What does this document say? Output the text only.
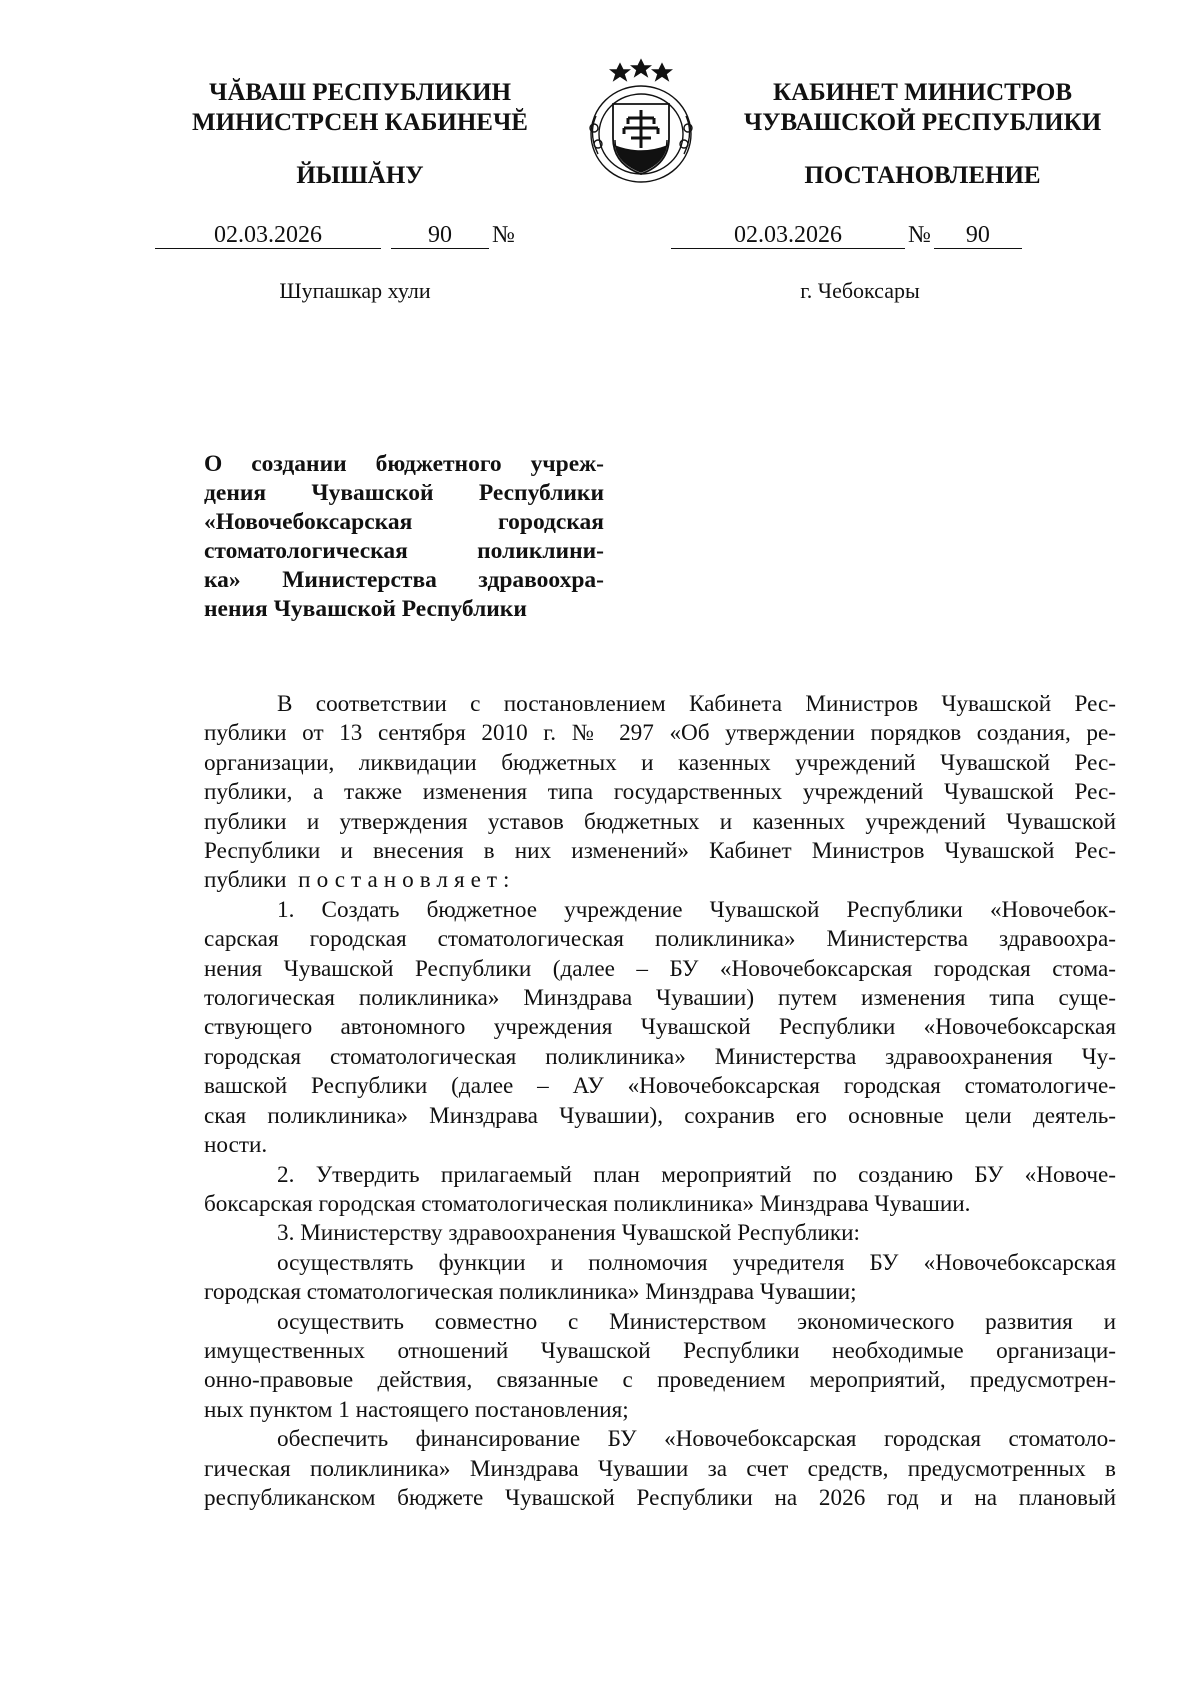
ЧĂВАШ РЕСПУБЛИКИН
МИНИСТРСЕН КАБИНЕЧĔ
ЙЫШĂНУ
КАБИНЕТ МИНИСТРОВ
ЧУВАШСКОЙ РЕСПУБЛИКИ
ПОСТАНОВЛЕНИЕ
02.03.2026	90 №	02.03.2026	№ 90
Шупашкар хули	г. Чебоксары
О создании бюджетного учреж-
дения Чувашской Республики
«Новочебоксарская городская
стоматологическая поликлини-
ка» Министерства здравоохра-
нения Чувашской Республики
В соответствии с постановлением Кабинета Министров Чувашской Рес-
публики от 13 сентября 2010 г. № 297 «Об утверждении порядков создания, ре-
организации, ликвидации бюджетных и казенных учреждений Чувашской Рес-
публики, а также изменения типа государственных учреждений Чувашской Рес-
публики и утверждения уставов бюджетных и казенных учреждений Чувашской
Республики и внесения в них изменений» Кабинет Министров Чувашской Рес-
публики постановляет:
1. Создать бюджетное учреждение Чувашской Республики «Новочебок-
сарская городская стоматологическая поликлиника» Министерства здравоохра-
нения Чувашской Республики (далее – БУ «Новочебоксарская городская стома-
тологическая поликлиника» Минздрава Чувашии) путем изменения типа суще-
ствующего автономного учреждения Чувашской Республики «Новочебоксарская
городская стоматологическая поликлиника» Министерства здравоохранения Чу-
вашской Республики (далее – АУ «Новочебоксарская городская стоматологиче-
ская поликлиника» Минздрава Чувашии), сохранив его основные цели деятель-
ности.
2. Утвердить прилагаемый план мероприятий по созданию БУ «Новоче-
боксарская городская стоматологическая поликлиника» Минздрава Чувашии.
3. Министерству здравоохранения Чувашской Республики:
осуществлять функции и полномочия учредителя БУ «Новочебоксарская
городская стоматологическая поликлиника» Минздрава Чувашии;
осуществить совместно с Министерством экономического развития и
имущественных отношений Чувашской Республики необходимые организаци-
онно-правовые действия, связанные с проведением мероприятий, предусмотрен-
ных пунктом 1 настоящего постановления;
обеспечить финансирование БУ «Новочебоксарская городская стоматоло-
гическая поликлиника» Минздрава Чувашии за счет средств, предусмотренных в
республиканском бюджете Чувашской Республики на 2026 год и на плановый
